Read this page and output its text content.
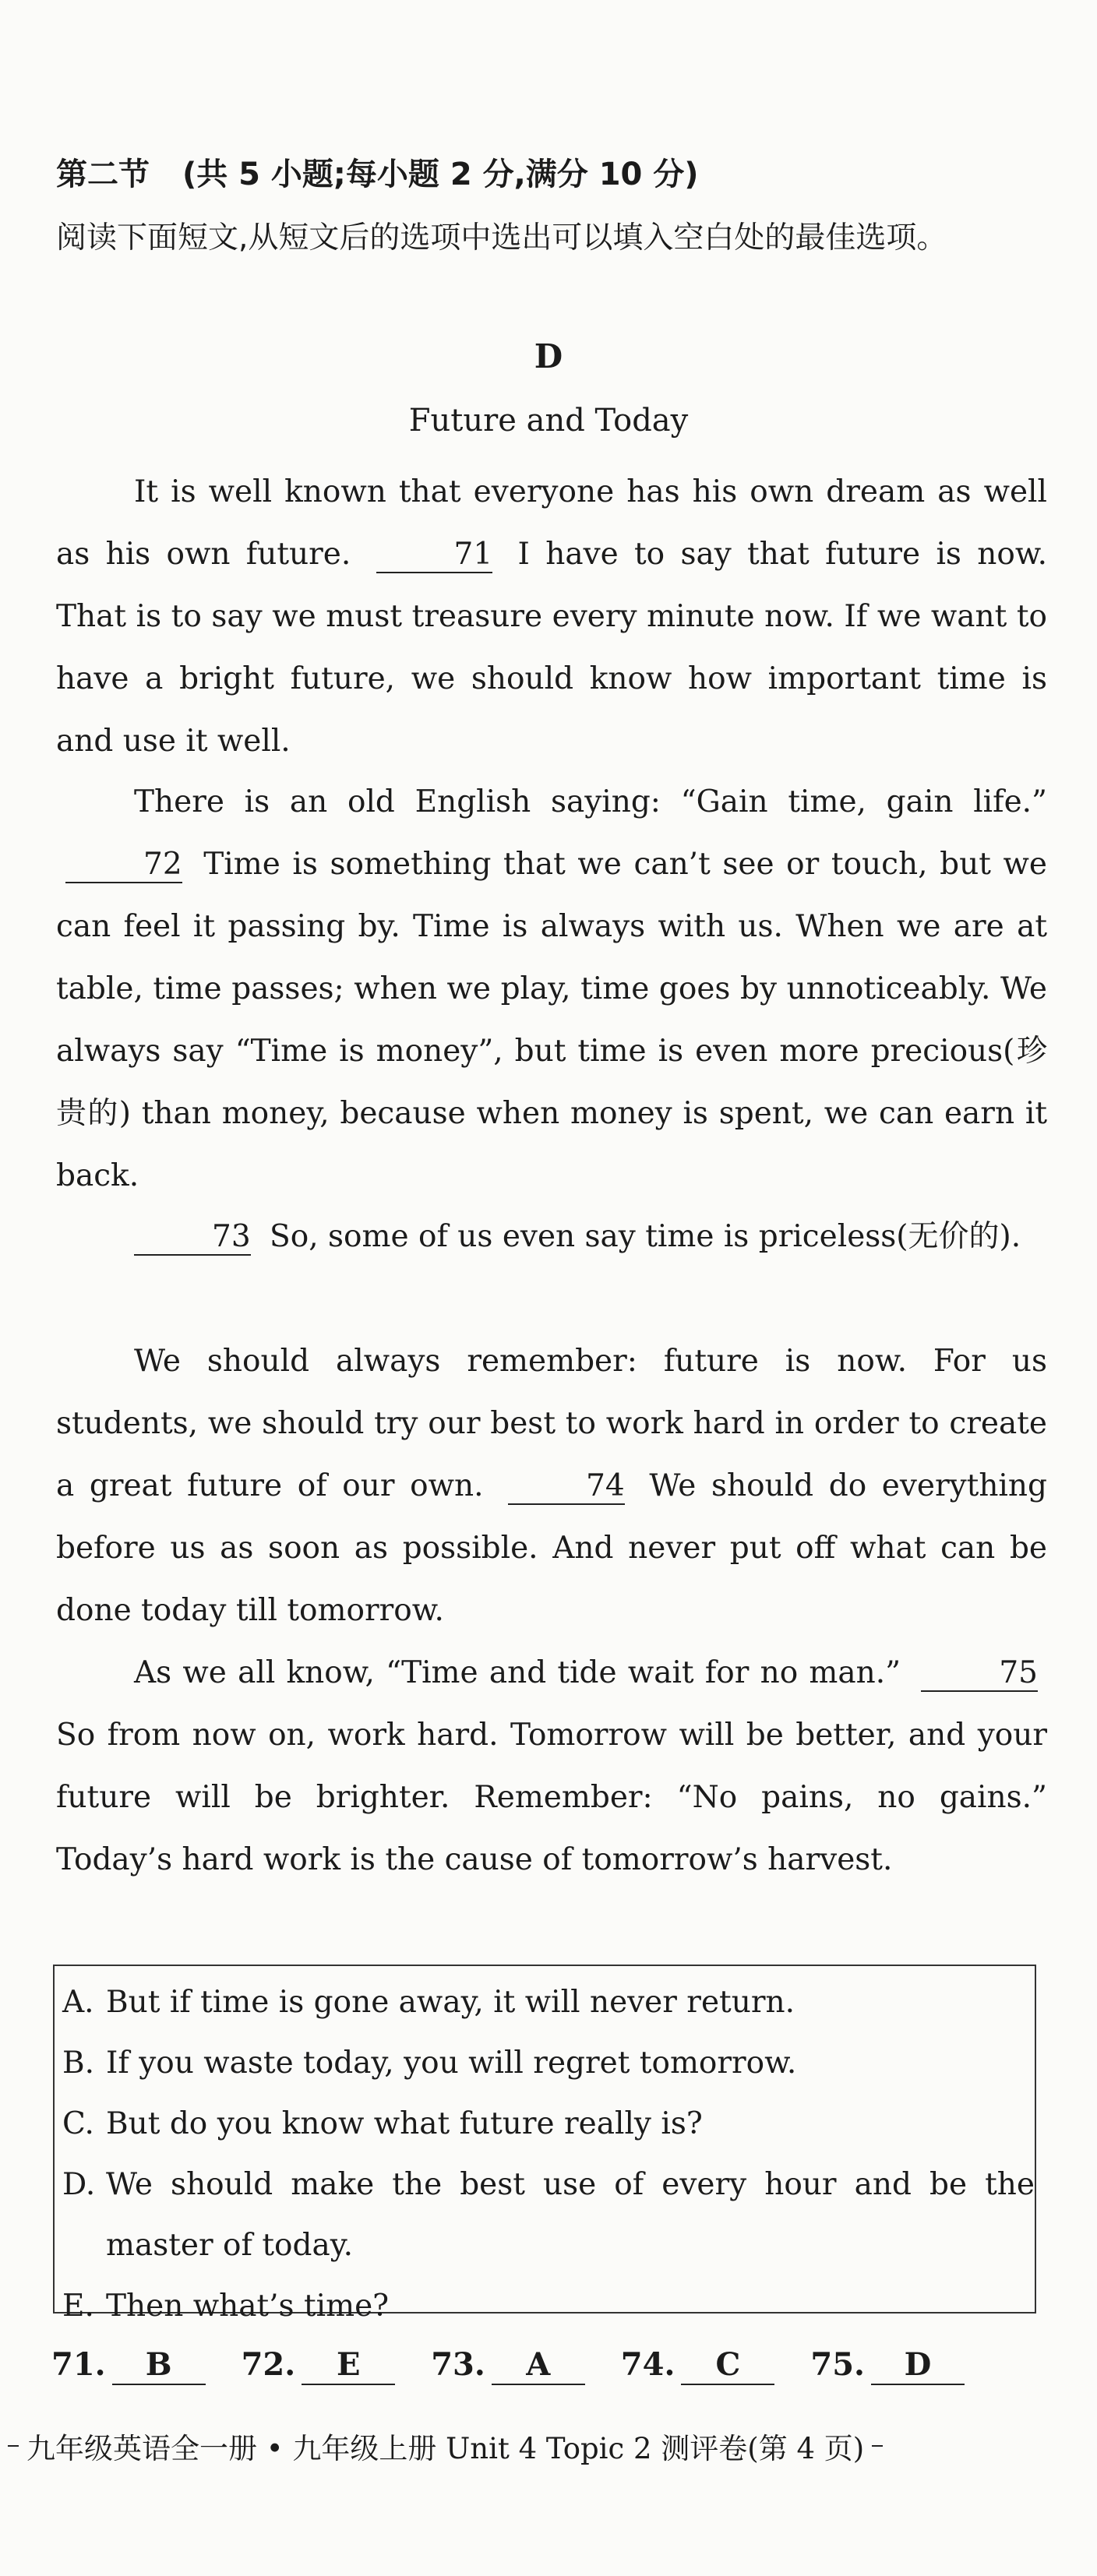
第二节 (共 5 小题;每小题 2 分,满分 10 分)
阅读下面短文,从短文后的选项中选出可以填入空白处的最佳选项。
D
Future and Today
It is well known that everyone has his own dream as well as his own future.	71 I have to say that future is now. That is to say we must treasure every minute now. If we want to have a bright future, we should know how important time is and use it well.
There is an old English saying: “Gain time, gain life.” 72 Time is something that we can’t see or touch, but we can feel it passing by. Time is always with us. When we are at table, time passes; when we play, time goes by unnoticeably. We always say “Time is money”, but time is even more precious(珍贵的) than money, because when money is spent, we can earn it back.
73 So, some of us even say time is priceless(无价的).
We should always remember: future is now. For us students, we should try our best to work hard in order to create a great future of our own.	74 We should do everything before us as soon as possible. And never put off what can be done today till tomorrow.
As we all know, “Time and tide wait for no man.”	75 So from now on, work hard. Tomorrow will be better, and your future will be brighter. Remember: “No pains, no gains.” Today’s hard work is the cause of tomorrow’s harvest.
A. But if time is gone away, it will never return.
B. If you waste today, you will regret tomorrow.
C. But do you know what future really is?
D. We should make the best use of every hour and be the master of today.
E. Then what’s time?
71.	B	72.	E	73.	A	74.	C	75.	D
九年级英语全一册 • 九年级上册 Unit 4 Topic 2 测评卷(第 4 页)
